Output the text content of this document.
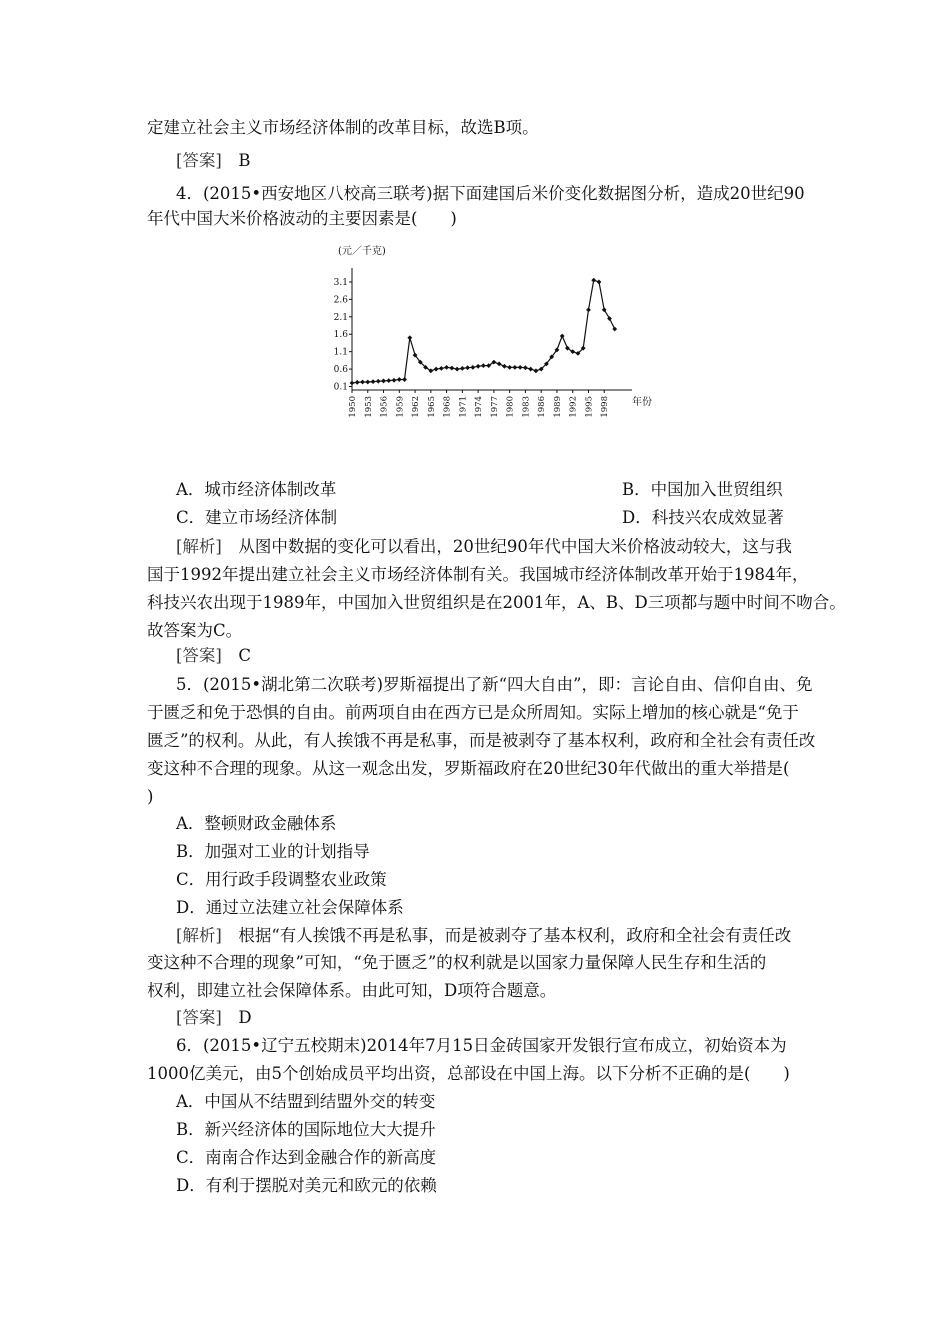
定建立社会主义市场经济体制的改革目标，故选B项。
[答案]　 B
4．(2015•西安地区八校高三联考)据下面建国后米价变化数据图分析，造成20世纪90
年代中国大米价格波动的主要因素是(　　)
(元／千克)
年份
3.1
2.6
2.1
1.6
1.1
0.6
0.1
1950 1953 1956 1959 1962 1965 1968 1971 1974 1977 1980 1983 1986 1989 1992 1995 1998
A．城市经济体制改革	B．中国加入世贸组织
C．建立市场经济体制	D．科技兴农成效显著
[解析]　 从图中数据的变化可以看出，20世纪90年代中国大米价格波动较大，这与我
国于1992年提出建立社会主义市场经济体制有关。我国城市经济体制改革开始于1984年，
科技兴农出现于1989年，中国加入世贸组织是在2001年，A、B、D三项都与题中时间不吻合。
故答案为C。
[答案]　 C
5．(2015•湖北第二次联考)罗斯福提出了新“四大自由”，即：言论自由、信仰自由、免
于匮乏和免于恐惧的自由。前两项自由在西方已是众所周知。实际上增加的核心就是“免于
匮乏”的权利。从此，有人挨饿不再是私事，而是被剥夺了基本权利，政府和全社会有责任改
变这种不合理的现象。从这一观念出发，罗斯福政府在20世纪30年代做出的重大举措是(
)
A．整顿财政金融体系
B．加强对工业的计划指导
C．用行政手段调整农业政策
D．通过立法建立社会保障体系
[解析]　 根据“有人挨饿不再是私事，而是被剥夺了基本权利，政府和全社会有责任改
变这种不合理的现象”可知，“免于匮乏”的权利就是以国家力量保障人民生存和生活的
权利，即建立社会保障体系。由此可知，D项符合题意。
[答案]　 D
6．(2015•辽宁五校期末)2014年7月15日金砖国家开发银行宣布成立，初始资本为
1000亿美元，由5个创始成员平均出资，总部设在中国上海。以下分析不正确的是(　　)
A．中国从不结盟到结盟外交的转变
B．新兴经济体的国际地位大大提升
C．南南合作达到金融合作的新高度
D．有利于摆脱对美元和欧元的依赖
